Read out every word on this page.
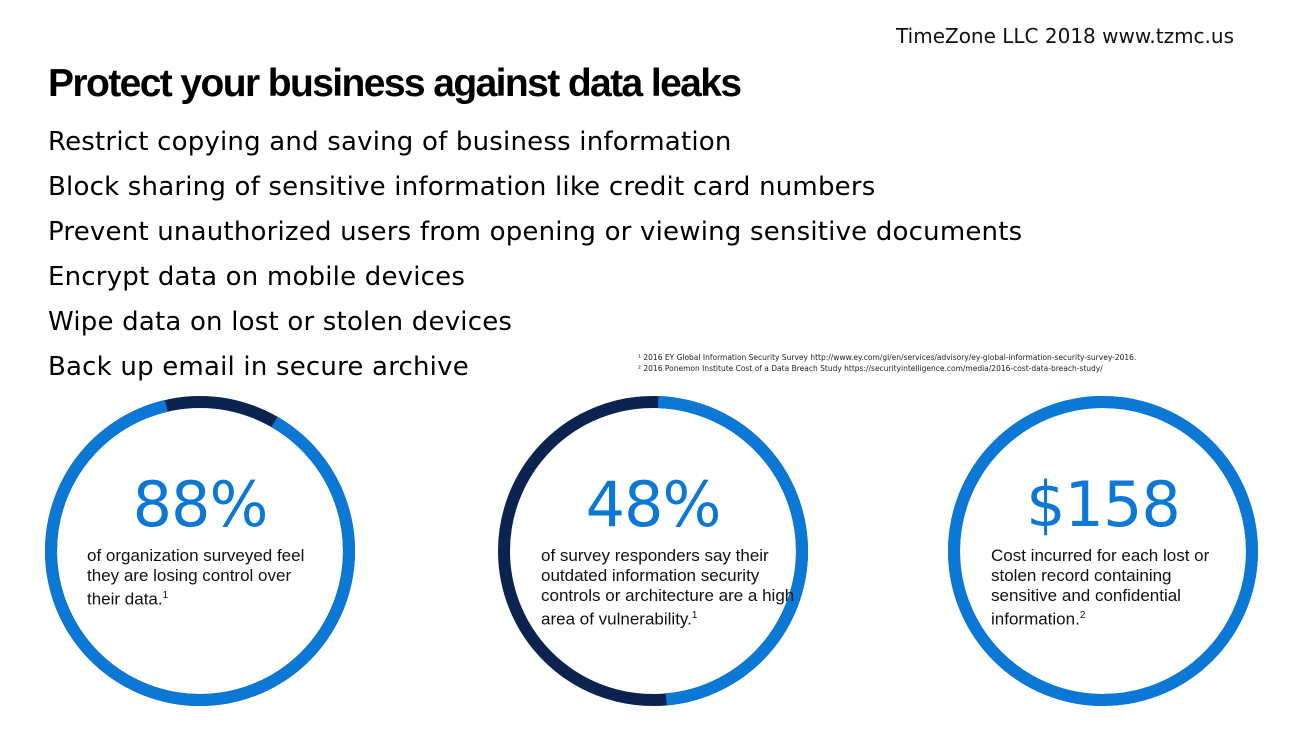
TimeZone LLC 2018 www.tzmc.us
Protect your business against data leaks
Restrict copying and saving of business information
Block sharing of sensitive information like credit card numbers
Prevent unauthorized users from opening or viewing sensitive documents
Encrypt data on mobile devices
Wipe data on lost or stolen devices
Back up email in secure archive	¹ 2016 EY Global Information Security Survey http://www.ey.com/gl/en/services/advisory/ey-global-information-security-survey-2016.
² 2016 Ponemon Institute Cost of a Data Breach Study https://securityintelligence.com/media/2016-cost-data-breach-study/
88%
of organization surveyed feel they are losing control over their data.$^1$
48%
of survey responders say their outdated information security controls or architecture are a high area of vulnerability.$^1$
$158
Cost incurred for each lost or stolen record containing sensitive and confidential information.$^2$
